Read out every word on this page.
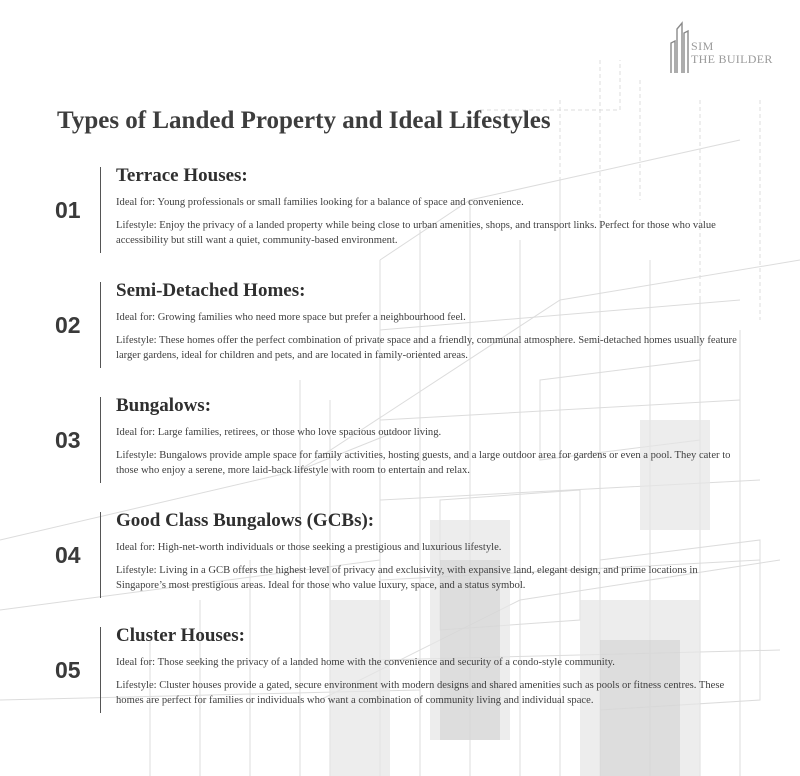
SIM
THE BUILDER
Types of Landed Property and Ideal Lifestyles
01
Terrace Houses:

Ideal for: Young professionals or small families looking for a balance of space and convenience.

Lifestyle: Enjoy the privacy of a landed property while being close to urban amenities, shops, and transport links. Perfect for those who value accessibility but still want a quiet, community-based environment.

02
Semi-Detached Homes:

Ideal for: Growing families who need more space but prefer a neighbourhood feel.

Lifestyle: These homes offer the perfect combination of private space and a friendly, communal atmosphere. Semi-detached homes usually feature larger gardens, ideal for children and pets, and are located in family-oriented areas.

03
Bungalows:

Ideal for: Large families, retirees, or those who love spacious outdoor living.

Lifestyle: Bungalows provide ample space for family activities, hosting guests, and a large outdoor area for gardens or even a pool. They cater to those who enjoy a serene, more laid-back lifestyle with room to entertain and relax.

04
Good Class Bungalows (GCBs):

Ideal for: High-net-worth individuals or those seeking a prestigious and luxurious lifestyle.

Lifestyle: Living in a GCB offers the highest level of privacy and exclusivity, with expansive land, elegant design, and prime locations in Singapore’s most prestigious areas. Ideal for those who value luxury, space, and a status symbol.

05
Cluster Houses:

Ideal for: Those seeking the privacy of a landed home with the convenience and security of a condo-style community.

Lifestyle: Cluster houses provide a gated, secure environment with modern designs and shared amenities such as pools or fitness centres. These homes are perfect for families or individuals who want a combination of community living and individual space.
